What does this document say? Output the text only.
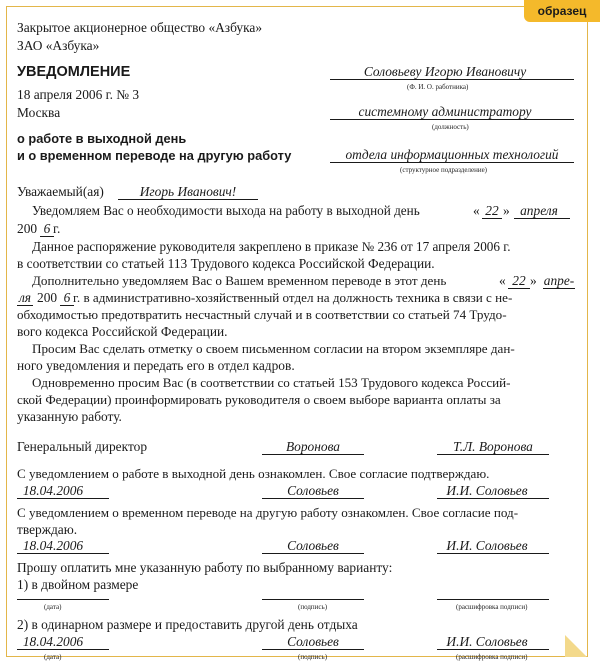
образец
Закрытое акционерное общество «Азбука»
ЗАО «Азбука»
УВЕДОМЛЕНИЕ
18 апреля 2006 г. № 3
Москва
о работе в выходной день
и о временном переводе на другую работу
Соловьеву Игорю Ивановичу
(Ф. И. О. работника)
системному администратору
(должность)
отдела информационных технологий
(структурное подразделение)
Уважаемый(ая)	Игорь Иванович!
Уведомляем Вас о необходимости выхода на работу в выходной день	« 22 » апреля
200 6 г.
Данное распоряжение руководителя закреплено в приказе № 236 от 17 апреля 2006 г.
в соответствии со статьей 113 Трудового кодекса Российской Федерации.
Дополнительно уведомляем Вас о Вашем временном переводе в этот день	« 22 » апре-
ля 200 6 г. в административно-хозяйственный отдел на должность техника в связи с не-
обходимостью предотвратить несчастный случай и в соответствии со статьей 74 Трудо-
вого кодекса Российской Федерации.
Просим Вас сделать отметку о своем письменном согласии на втором экземпляре дан-
ного уведомления и передать его в отдел кадров.
Одновременно просим Вас (в соответствии со статьей 153 Трудового кодекса Россий-
ской Федерации) проинформировать руководителя о своем выборе варианта оплаты за
указанную работу.
Генеральный директор	Воронова	Т.Л. Воронова
С уведомлением о работе в выходной день ознакомлен. Свое согласие подтверждаю.
18.04.2006	Соловьев	И.И. Соловьев
С уведомлением о временном переводе на другую работу ознакомлен. Свое согласие под-
тверждаю.
18.04.2006	Соловьев	И.И. Соловьев
Прошу оплатить мне указанную работу по выбранному варианту:
1) в двойном размере
(дата)	(подпись)	(расшифровка подписи)
2) в одинарном размере и предоставить другой день отдыха
18.04.2006	Соловьев	И.И. Соловьев
(дата)	(подпись)	(расшифровка подписи)
